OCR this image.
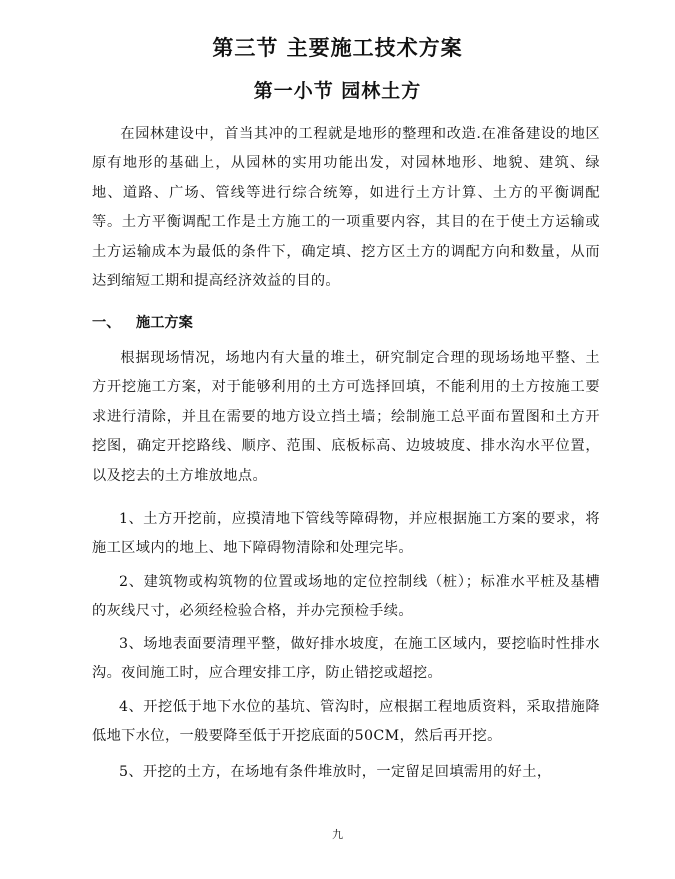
第三节 主要施工技术方案
第一小节 园林土方
在园林建设中，首当其冲的工程就是地形的整理和改造.在准备建设的地区原有地形的基础上，从园林的实用功能出发，对园林地形、地貌、建筑、绿地、道路、广场、管线等进行综合统筹，如进行土方计算、土方的平衡调配等。土方平衡调配工作是土方施工的一项重要内容，其目的在于使土方运输或土方运输成本为最低的条件下，确定填、挖方区土方的调配方向和数量，从而达到缩短工期和提高经济效益的目的。
一、 施工方案
根据现场情况，场地内有大量的堆土，研究制定合理的现场场地平整、土方开挖施工方案，对于能够利用的土方可选择回填，不能利用的土方按施工要求进行清除，并且在需要的地方设立挡土墙；绘制施工总平面布置图和土方开挖图，确定开挖路线、顺序、范围、底板标高、边坡坡度、排水沟水平位置，以及挖去的土方堆放地点。
1、土方开挖前，应摸清地下管线等障碍物，并应根据施工方案的要求，将施工区域内的地上、地下障碍物清除和处理完毕。
2、建筑物或构筑物的位置或场地的定位控制线（桩）；标准水平桩及基槽的灰线尺寸，必须经检验合格，并办完预检手续。
3、场地表面要清理平整，做好排水坡度，在施工区域内，要挖临时性排水沟。夜间施工时，应合理安排工序，防止错挖或超挖。
4、开挖低于地下水位的基坑、管沟时，应根据工程地质资料，采取措施降低地下水位，一般要降至低于开挖底面的50CM，然后再开挖。
5、开挖的土方，在场地有条件堆放时，一定留足回填需用的好土，
九
